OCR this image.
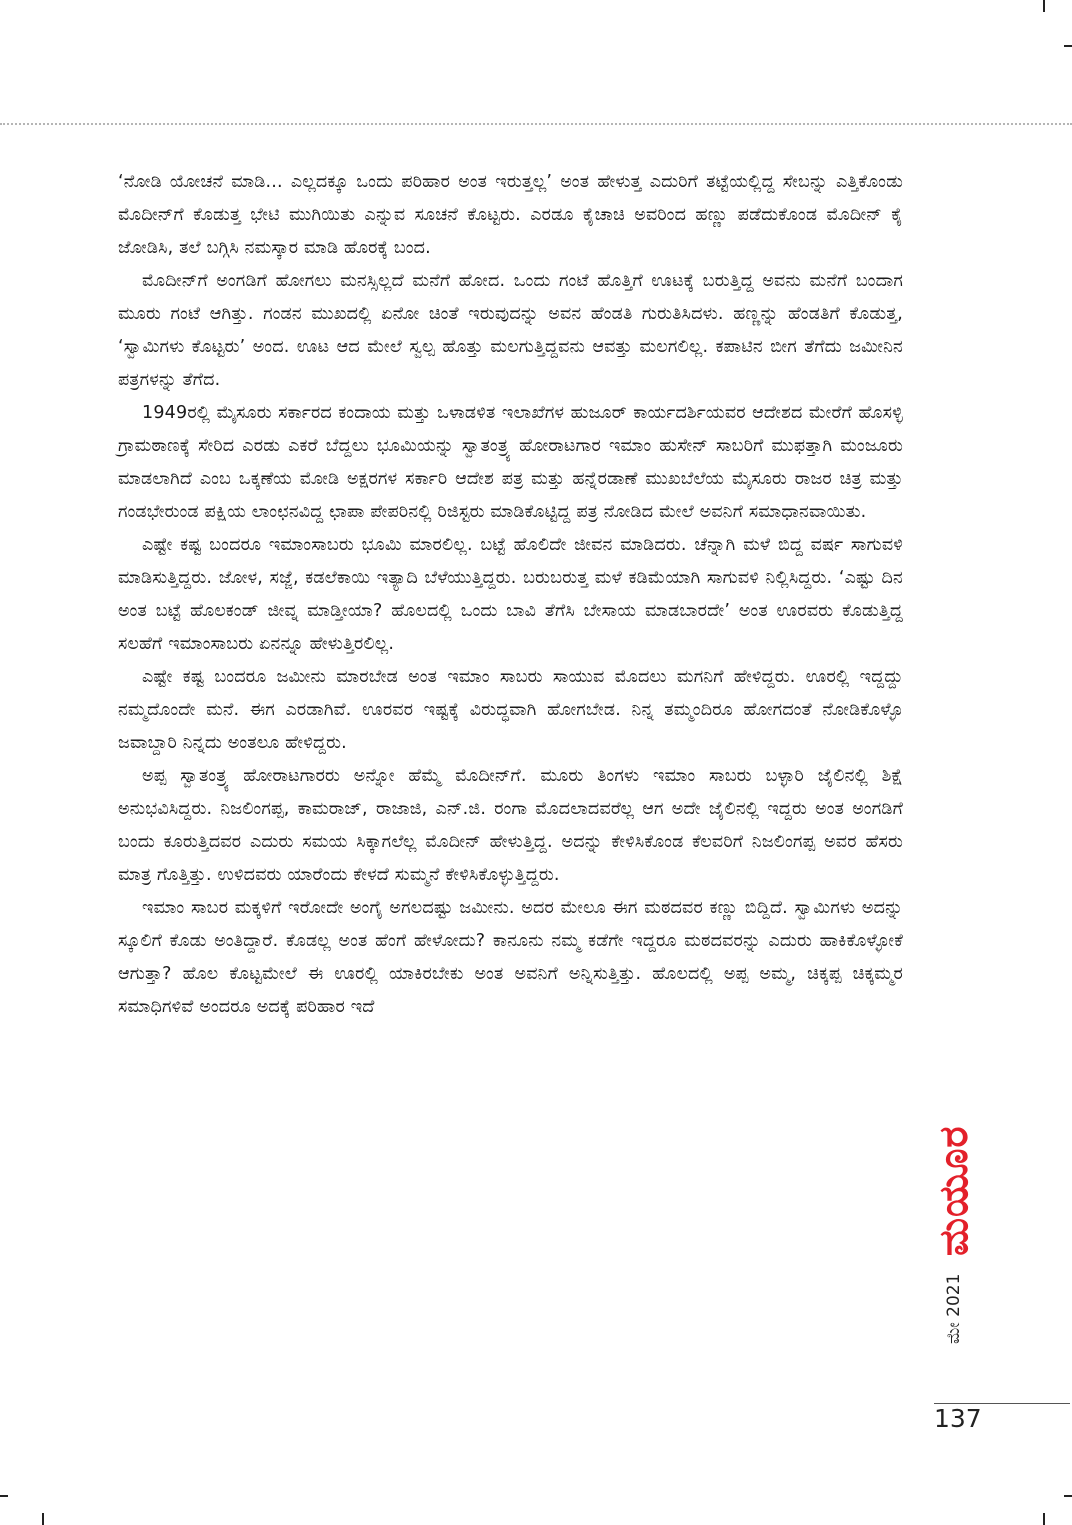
‘ನೋಡಿ ಯೋಚನೆ ಮಾಡಿ... ಎಲ್ಲದಕ್ಕೂ ಒಂದು ಪರಿಹಾರ ಅಂತ ಇರುತ್ತಲ್ಲ’ ಅಂತ ಹೇಳುತ್ತ ಎದುರಿಗೆ ತಟ್ಟೆಯಲ್ಲಿದ್ದ ಸೇಬನ್ನು ಎತ್ತಿಕೊಂಡು ಮೊದೀನ್‌ಗೆ ಕೊಡುತ್ತ ಭೇಟಿ ಮುಗಿಯಿತು ಎನ್ನುವ ಸೂಚನೆ ಕೊಟ್ಟರು. ಎರಡೂ ಕೈಚಾಚಿ ಅವರಿಂದ ಹಣ್ಣು ಪಡೆದುಕೊಂಡ ಮೊದೀನ್ ಕೈ ಜೋಡಿಸಿ, ತಲೆ ಬಗ್ಗಿಸಿ ನಮಸ್ಕಾರ ಮಾಡಿ ಹೊರಕ್ಕೆ ಬಂದ.

ಮೊದೀನ್‌ಗೆ ಅಂಗಡಿಗೆ ಹೋಗಲು ಮನಸ್ಸಿಲ್ಲದೆ ಮನೆಗೆ ಹೋದ. ಒಂದು ಗಂಟೆ ಹೊತ್ತಿಗೆ ಊಟಕ್ಕೆ ಬರುತ್ತಿದ್ದ ಅವನು ಮನೆಗೆ ಬಂದಾಗ ಮೂರು ಗಂಟೆ ಆಗಿತ್ತು. ಗಂಡನ ಮುಖದಲ್ಲಿ ಏನೋ ಚಿಂತೆ ಇರುವುದನ್ನು ಅವನ ಹೆಂಡತಿ ಗುರುತಿಸಿದಳು. ಹಣ್ಣನ್ನು ಹೆಂಡತಿಗೆ ಕೊಡುತ್ತ, ‘ಸ್ವಾಮಿಗಳು ಕೊಟ್ಟರು’ ಅಂದ. ಊಟ ಆದ ಮೇಲೆ ಸ್ವಲ್ಪ ಹೊತ್ತು ಮಲಗುತ್ತಿದ್ದವನು ಆವತ್ತು ಮಲಗಲಿಲ್ಲ. ಕಪಾಟಿನ ಬೀಗ ತೆಗೆದು ಜಮೀನಿನ ಪತ್ರಗಳನ್ನು ತೆಗೆದ.

1949ರಲ್ಲಿ ಮೈಸೂರು ಸರ್ಕಾರದ ಕಂದಾಯ ಮತ್ತು ಒಳಾಡಳಿತ ಇಲಾಖೆಗಳ ಹುಜೂರ್ ಕಾರ್ಯದರ್ಶಿಯವರ ಆದೇಶದ ಮೇರೆಗೆ ಹೊಸಳ್ಳಿ ಗ್ರಾಮಠಾಣಕ್ಕೆ ಸೇರಿದ ಎರಡು ಎಕರೆ ಬೆದ್ದಲು ಭೂಮಿಯನ್ನು ಸ್ವಾತಂತ್ರ್ಯ ಹೋರಾಟಗಾರ ಇಮಾಂ ಹುಸೇನ್ ಸಾಬರಿಗೆ ಮುಫತ್ತಾಗಿ ಮಂಜೂರು ಮಾಡಲಾಗಿದೆ ಎಂಬ ಒಕ್ಕಣೆಯ ಮೋಡಿ ಅಕ್ಷರಗಳ ಸರ್ಕಾರಿ ಆದೇಶ ಪತ್ರ ಮತ್ತು ಹನ್ನೆರಡಾಣೆ ಮುಖಬೆಲೆಯ ಮೈಸೂರು ರಾಜರ ಚಿತ್ರ ಮತ್ತು ಗಂಡಭೇರುಂಡ ಪಕ್ಷಿಯ ಲಾಂಛನವಿದ್ದ ಛಾಪಾ ಪೇಪರಿನಲ್ಲಿ ರಿಜಿಸ್ಟರು ಮಾಡಿಕೊಟ್ಟಿದ್ದ ಪತ್ರ ನೋಡಿದ ಮೇಲೆ ಅವನಿಗೆ ಸಮಾಧಾನವಾಯಿತು.

ಎಷ್ಟೇ ಕಷ್ಟ ಬಂದರೂ ಇಮಾಂಸಾಬರು ಭೂಮಿ ಮಾರಲಿಲ್ಲ. ಬಟ್ಟೆ ಹೊಲಿದೇ ಜೀವನ ಮಾಡಿದರು. ಚೆನ್ನಾಗಿ ಮಳೆ ಬಿದ್ದ ವರ್ಷ ಸಾಗುವಳಿ ಮಾಡಿಸುತ್ತಿದ್ದರು. ಜೋಳ, ಸಜ್ಜೆ, ಕಡಲೆಕಾಯಿ ಇತ್ಯಾದಿ ಬೆಳೆಯುತ್ತಿದ್ದರು. ಬರುಬರುತ್ತ ಮಳೆ ಕಡಿಮೆಯಾಗಿ ಸಾಗುವಳಿ ನಿಲ್ಲಿಸಿದ್ದರು. ‘ಎಷ್ಟು ದಿನ ಅಂತ ಬಟ್ಟೆ ಹೊಲಕಂಡ್ ಜೀವ್ನ ಮಾಡ್ತೀಯಾ? ಹೊಲದಲ್ಲಿ ಒಂದು ಬಾವಿ ತೆಗೆಸಿ ಬೇಸಾಯ ಮಾಡಬಾರದೇ’ ಅಂತ ಊರವರು ಕೊಡುತ್ತಿದ್ದ ಸಲಹೆಗೆ ಇಮಾಂಸಾಬರು ಏನನ್ನೂ ಹೇಳುತ್ತಿರಲಿಲ್ಲ.

ಎಷ್ಟೇ ಕಷ್ಟ ಬಂದರೂ ಜಮೀನು ಮಾರಬೇಡ ಅಂತ ಇಮಾಂ ಸಾಬರು ಸಾಯುವ ಮೊದಲು ಮಗನಿಗೆ ಹೇಳಿದ್ದರು. ಊರಲ್ಲಿ ಇದ್ದದ್ದು ನಮ್ಮದೊಂದೇ ಮನೆ. ಈಗ ಎರಡಾಗಿವೆ. ಊರವರ ಇಷ್ಟಕ್ಕೆ ವಿರುದ್ಧವಾಗಿ ಹೋಗಬೇಡ. ನಿನ್ನ ತಮ್ಮಂದಿರೂ ಹೋಗದಂತೆ ನೋಡಿಕೊಳ್ಳೊ ಜವಾಬ್ದಾರಿ ನಿನ್ನದು ಅಂತಲೂ ಹೇಳಿದ್ದರು.

ಅಪ್ಪ ಸ್ವಾತಂತ್ರ್ಯ ಹೋರಾಟಗಾರರು ಅನ್ನೋ ಹೆಮ್ಮೆ ಮೊದೀನ್‌ಗೆ. ಮೂರು ತಿಂಗಳು ಇಮಾಂ ಸಾಬರು ಬಳ್ಳಾರಿ ಜೈಲಿನಲ್ಲಿ ಶಿಕ್ಷೆ ಅನುಭವಿಸಿದ್ದರು. ನಿಜಲಿಂಗಪ್ಪ, ಕಾಮರಾಜ್, ರಾಜಾಜಿ, ಎನ್.ಜಿ. ರಂಗಾ ಮೊದಲಾದವರೆಲ್ಲ ಆಗ ಅದೇ ಜೈಲಿನಲ್ಲಿ ಇದ್ದರು ಅಂತ ಅಂಗಡಿಗೆ ಬಂದು ಕೂರುತ್ತಿದವರ ಎದುರು ಸಮಯ ಸಿಕ್ಕಾಗಲೆಲ್ಲ ಮೊದೀನ್ ಹೇಳುತ್ತಿದ್ದ. ಅದನ್ನು ಕೇಳಿಸಿಕೊಂಡ ಕೆಲವರಿಗೆ ನಿಜಲಿಂಗಪ್ಪ ಅವರ ಹೆಸರು ಮಾತ್ರ ಗೊತ್ತಿತ್ತು. ಉಳಿದವರು ಯಾರೆಂದು ಕೇಳದೆ ಸುಮ್ಮನೆ ಕೇಳಿಸಿಕೊಳ್ಳುತ್ತಿದ್ದರು.

ಇಮಾಂ ಸಾಬರ ಮಕ್ಕಳಿಗೆ ಇರೋದೇ ಅಂಗೈ ಅಗಲದಷ್ಟು ಜಮೀನು. ಅದರ ಮೇಲೂ ಈಗ ಮಠದವರ ಕಣ್ಣು ಬಿದ್ದಿದೆ. ಸ್ವಾಮಿಗಳು ಅದನ್ನು ಸ್ಕೂಲಿಗೆ ಕೊಡು ಅಂತಿದ್ದಾರೆ. ಕೊಡಲ್ಲ ಅಂತ ಹೆಂಗೆ ಹೇಳೋದು? ಕಾನೂನು ನಮ್ಮ ಕಡೆಗೇ ಇದ್ದರೂ ಮಠದವರನ್ನು ಎದುರು ಹಾಕಿಕೊಳ್ಳೋಕೆ ಆಗುತ್ತಾ? ಹೊಲ ಕೊಟ್ಟಮೇಲೆ ಈ ಊರಲ್ಲಿ ಯಾಕಿರಬೇಕು ಅಂತ ಅವನಿಗೆ ಅನ್ನಿಸುತ್ತಿತ್ತು. ಹೊಲದಲ್ಲಿ ಅಪ್ಪ ಅಮ್ಮ, ಚಿಕ್ಕಪ್ಪ ಚಿಕ್ಕಮ್ಮರ ಸಮಾಧಿಗಳಿವೆ ಅಂದರೂ ಅದಕ್ಕೆ ಪರಿಹಾರ ಇದೆ

ಮೇ 2021
ಮಯೂರ
137
